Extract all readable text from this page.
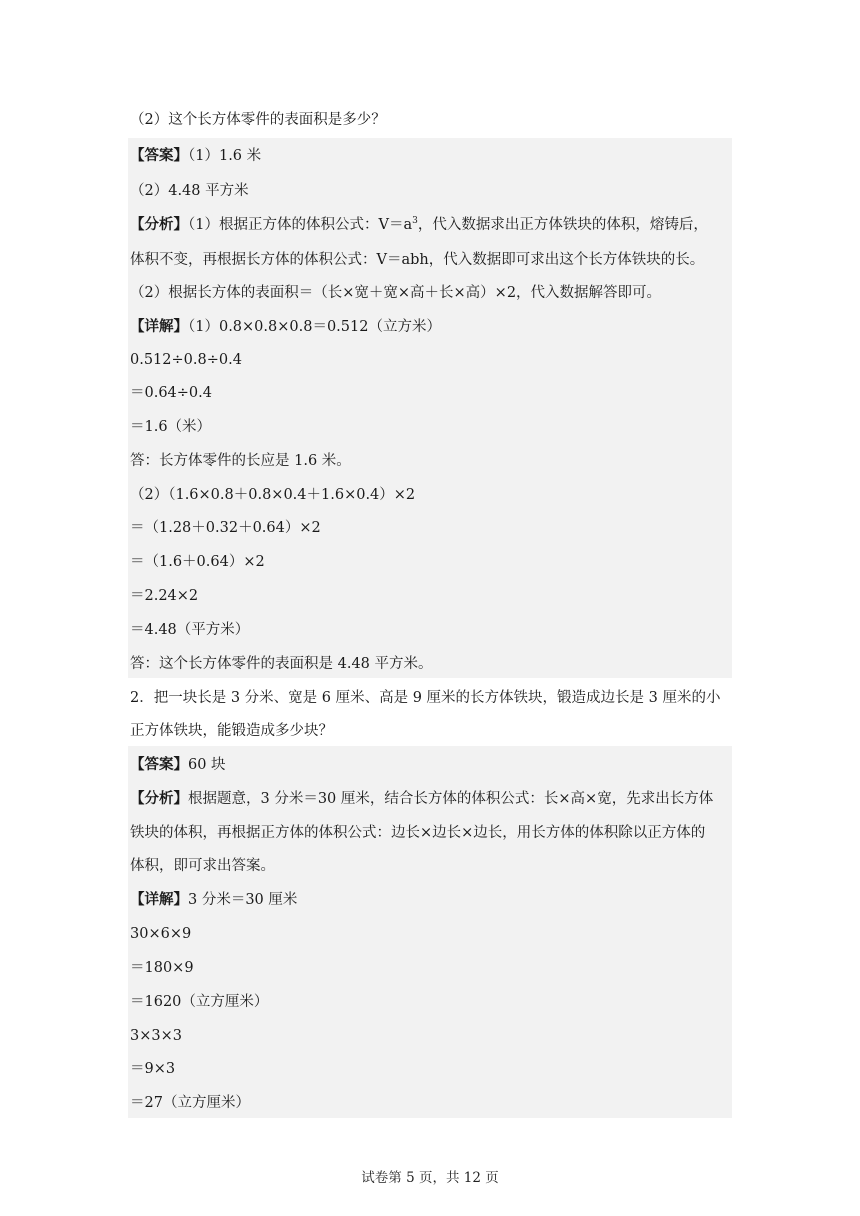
（2）这个长方体零件的表面积是多少？
【答案】（1）1.6 米
（2）4.48 平方米
【分析】（1）根据正方体的体积公式：$V=a^3$，代入数据求出正方体铁块的体积，熔铸后，
体积不变，再根据长方体的体积公式：V＝abh，代入数据即可求出这个长方体铁块的长。
（2）根据长方体的表面积＝（长×宽＋宽×高＋长×高）×2，代入数据解答即可。
【详解】（1）0.8×0.8×0.8＝0.512（立方米）
0.512÷0.8÷0.4
＝0.64÷0.4
＝1.6（米）
答：长方体零件的长应是 1.6 米。
（2）（1.6×0.8＋0.8×0.4＋1.6×0.4）×2
＝（1.28＋0.32＋0.64）×2
＝（1.6＋0.64）×2
＝2.24×2
＝4.48（平方米）
答：这个长方体零件的表面积是 4.48 平方米。
2．把一块长是 3 分米、宽是 6 厘米、高是 9 厘米的长方体铁块，锻造成边长是 3 厘米的小
正方体铁块，能锻造成多少块？
【答案】60 块
【分析】根据题意，3 分米＝30 厘米，结合长方体的体积公式：长×高×宽，先求出长方体
铁块的体积，再根据正方体的体积公式：边长×边长×边长，用长方体的体积除以正方体的
体积，即可求出答案。
【详解】3 分米＝30 厘米
30×6×9
＝180×9
＝1620（立方厘米）
3×3×3
＝9×3
＝27（立方厘米）
试卷第 5 页，共 12 页
